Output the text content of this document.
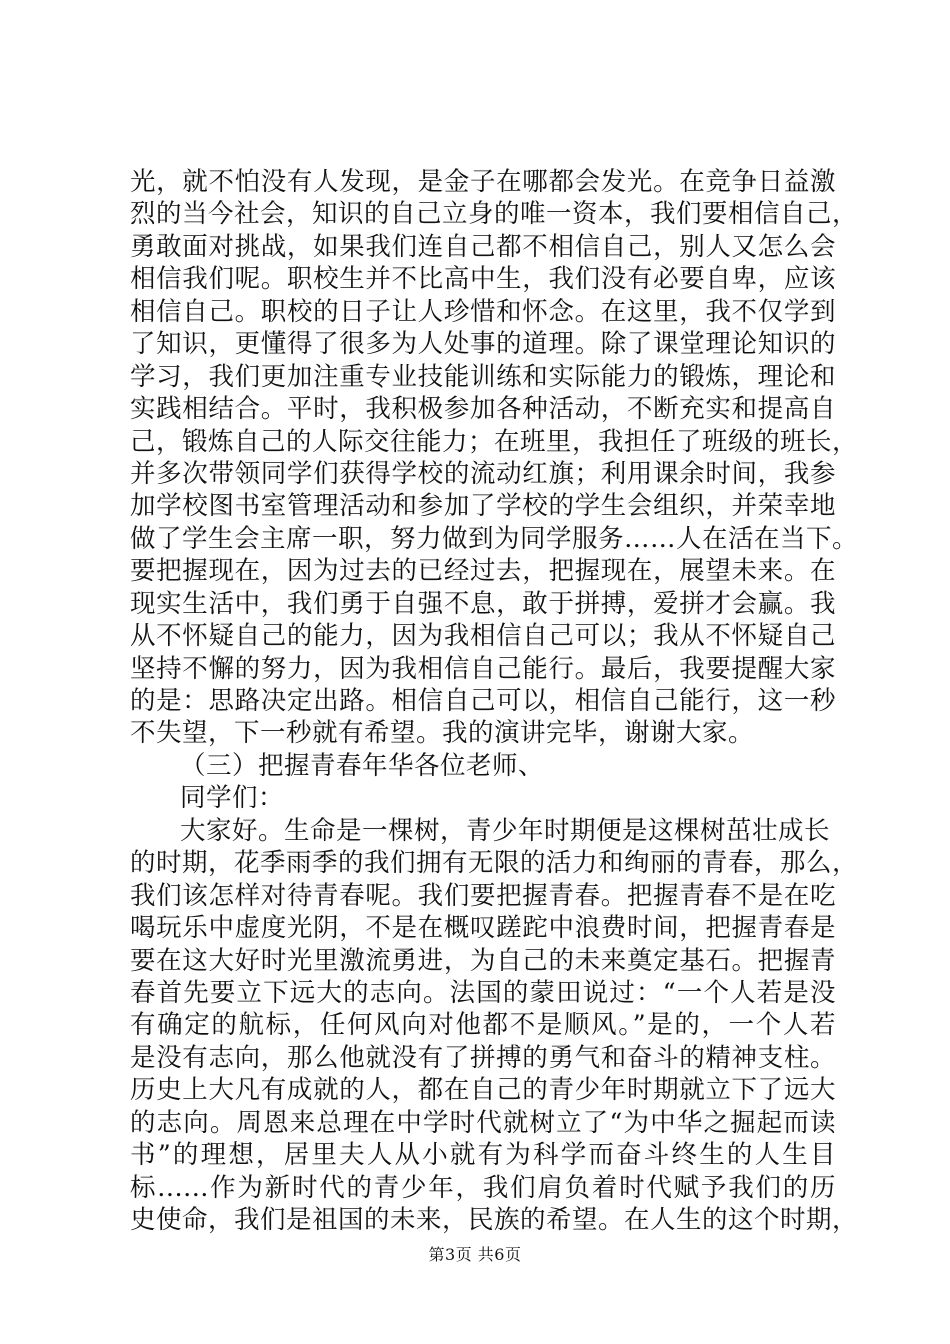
光，就不怕没有人发现，是金子在哪都会发光。在竞争日益激
烈的当今社会，知识的自己立身的唯一资本，我们要相信自己，
勇敢面对挑战，如果我们连自己都不相信自己，别人又怎么会
相信我们呢。职校生并不比高中生，我们没有必要自卑，应该
相信自己。职校的日子让人珍惜和怀念。在这里，我不仅学到
了知识，更懂得了很多为人处事的道理。除了课堂理论知识的
学习，我们更加注重专业技能训练和实际能力的锻炼，理论和
实践相结合。平时，我积极参加各种活动，不断充实和提高自
己，锻炼自己的人际交往能力；在班里，我担任了班级的班长，
并多次带领同学们获得学校的流动红旗；利用课余时间，我参
加学校图书室管理活动和参加了学校的学生会组织，并荣幸地
做了学生会主席一职，努力做到为同学服务……人在活在当下。
要把握现在，因为过去的已经过去，把握现在，展望未来。在
现实生活中，我们勇于自强不息，敢于拼搏，爱拼才会赢。我
从不怀疑自己的能力，因为我相信自己可以；我从不怀疑自己
坚持不懈的努力，因为我相信自己能行。最后，我要提醒大家
的是：思路决定出路。相信自己可以，相信自己能行，这一秒
不失望，下一秒就有希望。我的演讲完毕，谢谢大家。
（三）把握青春年华各位老师、
同学们：
大家好。生命是一棵树，青少年时期便是这棵树茁壮成长
的时期，花季雨季的我们拥有无限的活力和绚丽的青春，那么，
我们该怎样对待青春呢。我们要把握青春。把握青春不是在吃
喝玩乐中虚度光阴，不是在概叹蹉跎中浪费时间，把握青春是
要在这大好时光里激流勇进，为自己的未来奠定基石。把握青
春首先要立下远大的志向。法国的蒙田说过：“一个人若是没
有确定的航标，任何风向对他都不是顺风。”是的，一个人若
是没有志向，那么他就没有了拼搏的勇气和奋斗的精神支柱。
历史上大凡有成就的人，都在自己的青少年时期就立下了远大
的志向。周恩来总理在中学时代就树立了“为中华之掘起而读
书”的理想，居里夫人从小就有为科学而奋斗终生的人生目
标......作为新时代的青少年，我们肩负着时代赋予我们的历
史使命，我们是祖国的未来，民族的希望。在人生的这个时期，
第3页 共6页
